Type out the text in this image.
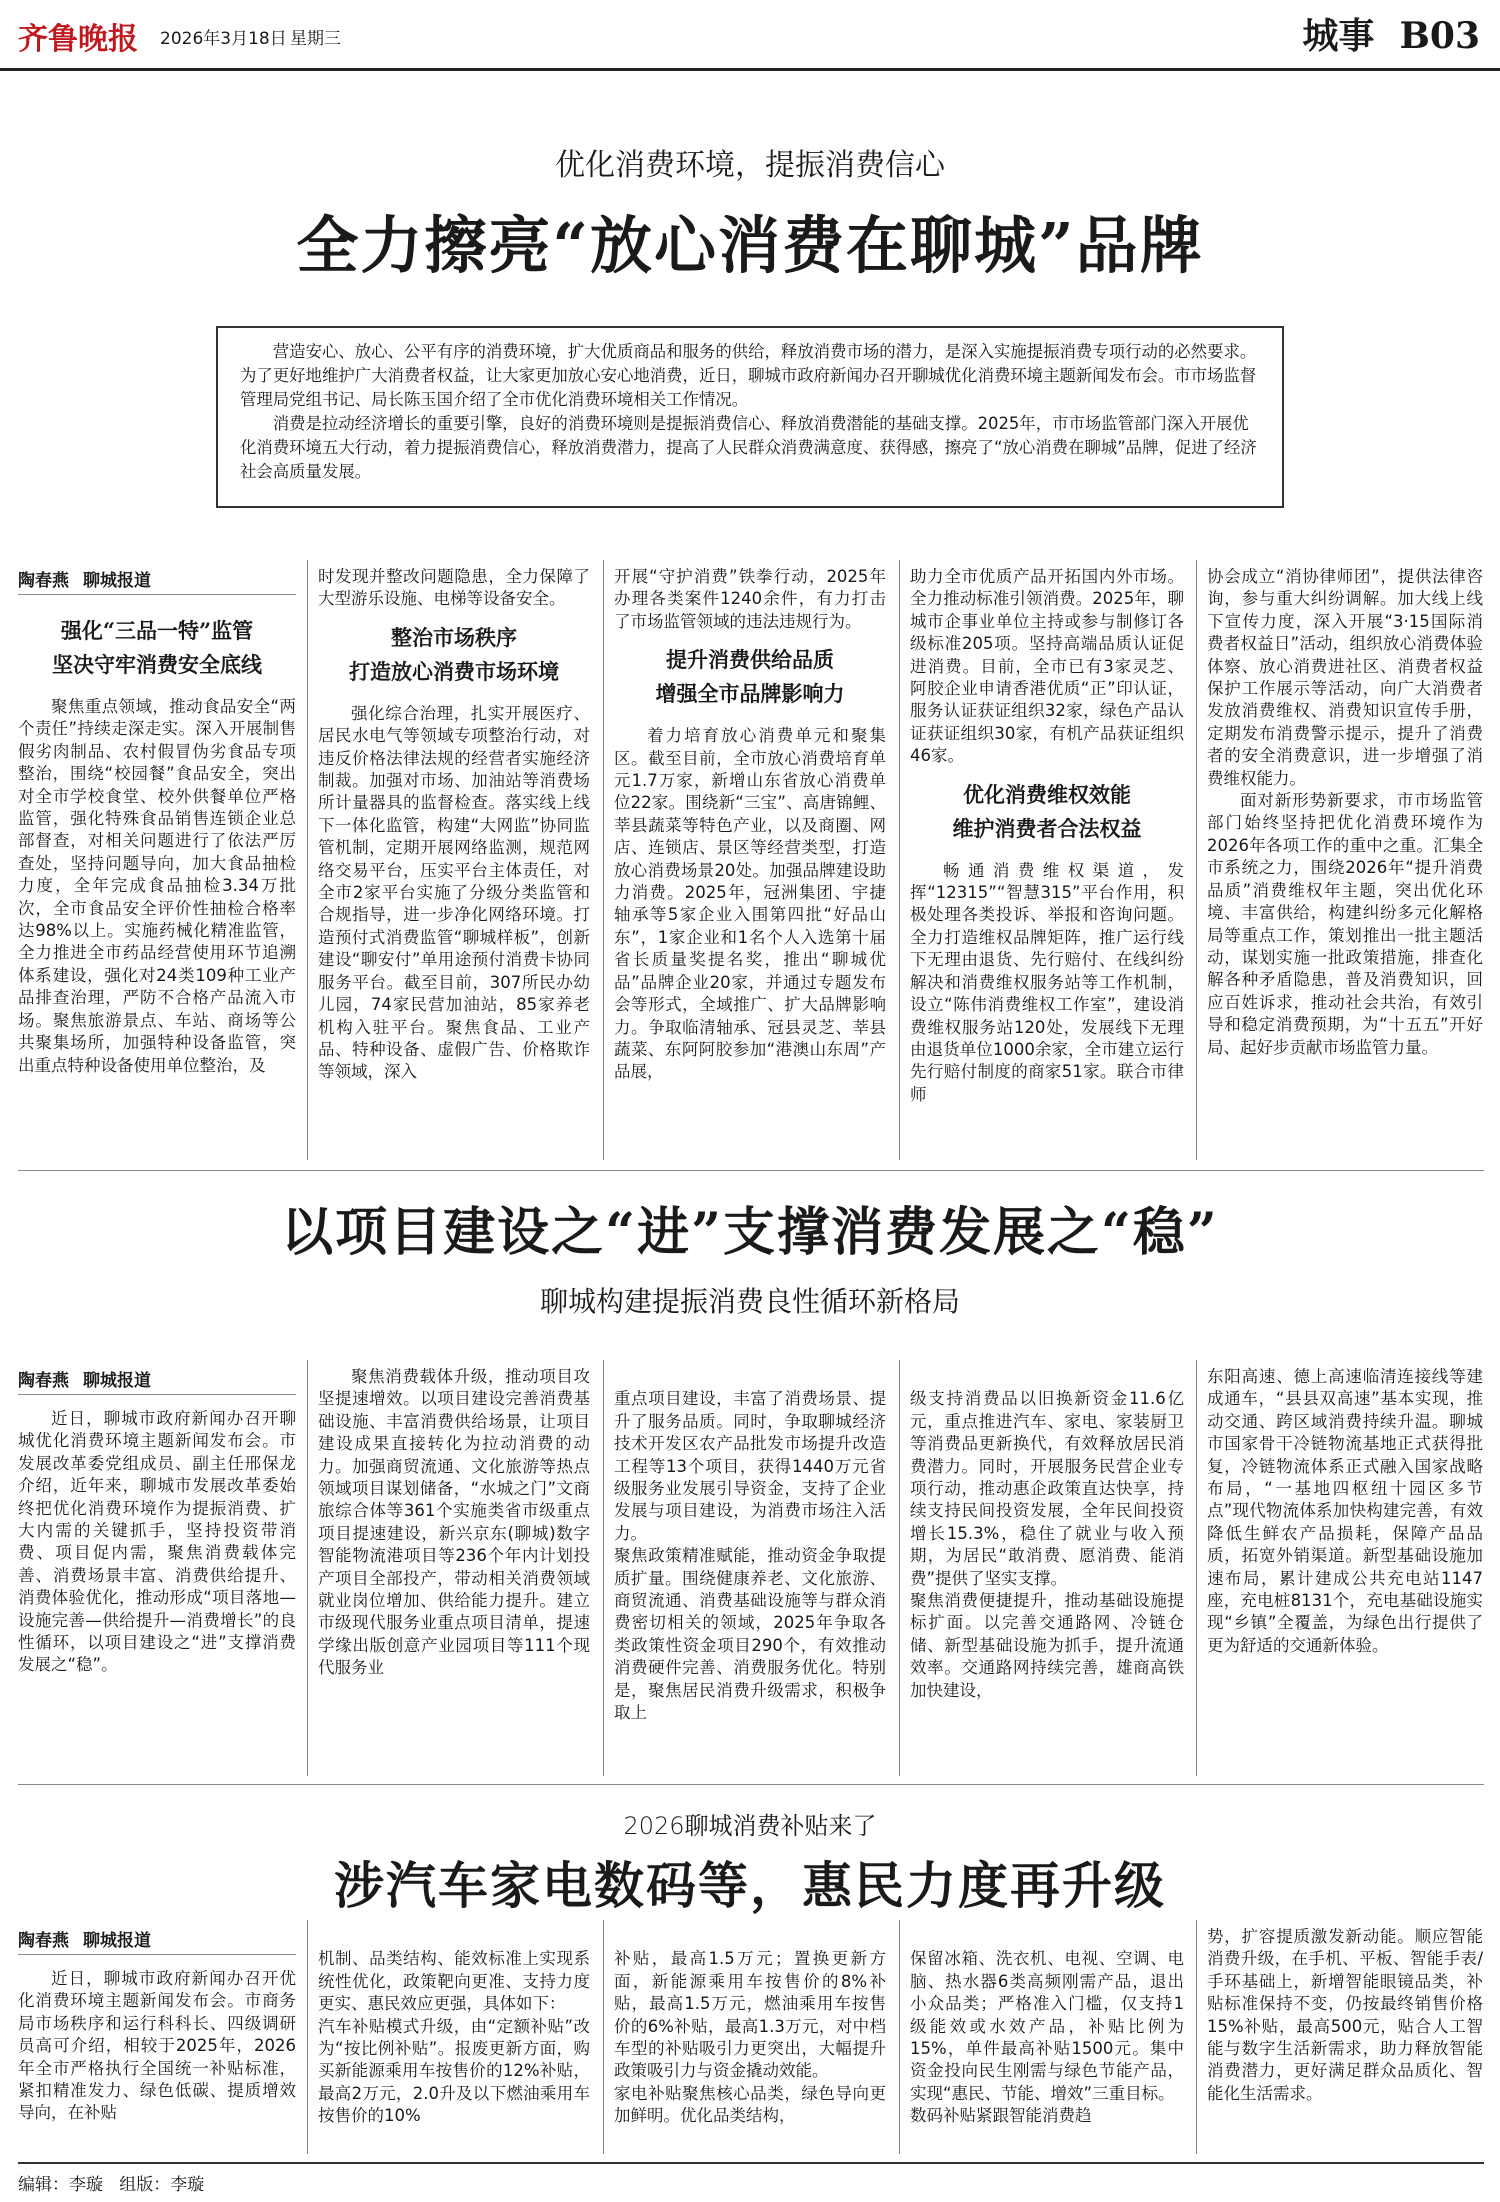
齐鲁晚报 2026年3月18日 星期三	城事 B03
优化消费环境，提振消费信心
全力擦亮“放心消费在聊城”品牌

营造安心、放心、公平有序的消费环境，扩大优质商品和服务的供给，释放消费市场的潜力，是深入实施提振消费专项行动的必然要求。为了更好地维护广大消费者权益，让大家更加放心安心地消费，近日，聊城市政府新闻办召开聊城优化消费环境主题新闻发布会。市市场监督管理局党组书记、局长陈玉国介绍了全市优化消费环境相关工作情况。

消费是拉动经济增长的重要引擎，良好的消费环境则是提振消费信心、释放消费潜能的基础支撑。2025年，市市场监管部门深入开展优化消费环境五大行动，着力提振消费信心，释放消费潜力，提高了人民群众消费满意度、获得感，擦亮了“放心消费在聊城”品牌，促进了经济社会高质量发展。

陶春燕 聊城报道
强化“三品一特”监管
坚决守牢消费安全底线

聚焦重点领域，推动食品安全“两个责任”持续走深走实。深入开展制售假劣肉制品、农村假冒伪劣食品专项整治，围绕“校园餐”食品安全，突出对全市学校食堂、校外供餐单位严格监管，强化特殊食品销售连锁企业总部督查，对相关问题进行了依法严厉查处，坚持问题导向，加大食品抽检力度，全年完成食品抽检3.34万批次，全市食品安全评价性抽检合格率达98%以上。实施药械化精准监管，全力推进全市药品经营使用环节追溯体系建设，强化对24类109种工业产品排查治理，严防不合格产品流入市场。聚焦旅游景点、车站、商场等公共聚集场所，加强特种设备监管，突出重点特种设备使用单位整治，及

时发现并整改问题隐患，全力保障了大型游乐设施、电梯等设备安全。

整治市场秩序
打造放心消费市场环境

强化综合治理，扎实开展医疗、居民水电气等领域专项整治行动，对违反价格法律法规的经营者实施经济制裁。加强对市场、加油站等消费场所计量器具的监督检查。落实线上线下一体化监管，构建“大网监”协同监管机制，定期开展网络监测，规范网络交易平台，压实平台主体责任，对全市2家平台实施了分级分类监管和合规指导，进一步净化网络环境。打造预付式消费监管“聊城样板”，创新建设“聊安付”单用途预付消费卡协同服务平台。截至目前，307所民办幼儿园，74家民营加油站，85家养老机构入驻平台。聚焦食品、工业产品、特种设备、虚假广告、价格欺诈等领域，深入

开展“守护消费”铁拳行动，2025年办理各类案件1240余件，有力打击了市场监管领域的违法违规行为。

提升消费供给品质
增强全市品牌影响力

着力培育放心消费单元和聚集区。截至目前，全市放心消费培育单元1.7万家，新增山东省放心消费单位22家。围绕新“三宝”、高唐锦鲤、莘县蔬菜等特色产业，以及商圈、网店、连锁店、景区等经营类型，打造放心消费场景20处。加强品牌建设助力消费。2025年，冠洲集团、宇捷轴承等5家企业入围第四批“好品山东”，1家企业和1名个人入选第十届省长质量奖提名奖，推出“聊城优品”品牌企业20家，并通过专题发布会等形式，全域推广、扩大品牌影响力。争取临清轴承、冠县灵芝、莘县蔬菜、东阿阿胶参加“港澳山东周”产品展，

助力全市优质产品开拓国内外市场。全力推动标准引领消费。2025年，聊城市企事业单位主持或参与制修订各级标准205项。坚持高端品质认证促进消费。目前，全市已有3家灵芝、阿胶企业申请香港优质“正”印认证，服务认证获证组织32家，绿色产品认证获证组织30家，有机产品获证组织46家。

优化消费维权效能
维护消费者合法权益

畅通消费维权渠道，发挥“12315”“智慧315”平台作用，积极处理各类投诉、举报和咨询问题。全力打造维权品牌矩阵，推广运行线下无理由退货、先行赔付、在线纠纷解决和消费维权服务站等工作机制，设立“陈伟消费维权工作室”，建设消费维权服务站120处，发展线下无理由退货单位1000余家，全市建立运行先行赔付制度的商家51家。联合市律师

协会成立“消协律师团”，提供法律咨询，参与重大纠纷调解。加大线上线下宣传力度，深入开展“3·15国际消费者权益日”活动，组织放心消费体验体察、放心消费进社区、消费者权益保护工作展示等活动，向广大消费者发放消费维权、消费知识宣传手册，定期发布消费警示提示，提升了消费者的安全消费意识，进一步增强了消费维权能力。

面对新形势新要求，市市场监管部门始终坚持把优化消费环境作为2026年各项工作的重中之重。汇集全市系统之力，围绕2026年“提升消费品质”消费维权年主题，突出优化环境、丰富供给，构建纠纷多元化解格局等重点工作，策划推出一批主题活动，谋划实施一批政策措施，排查化解各种矛盾隐患，普及消费知识，回应百姓诉求，推动社会共治，有效引导和稳定消费预期，为“十五五”开好局、起好步贡献市场监管力量。

以项目建设之“进”支撑消费发展之“稳”
聊城构建提振消费良性循环新格局
陶春燕 聊城报道

近日，聊城市政府新闻办召开聊城优化消费环境主题新闻发布会。市发展改革委党组成员、副主任邢保龙介绍，近年来，聊城市发展改革委始终把优化消费环境作为提振消费、扩大内需的关键抓手，坚持投资带消费、项目促内需，聚焦消费载体完善、消费场景丰富、消费供给提升、消费体验优化，推动形成“项目落地—设施完善—供给提升—消费增长”的良性循环，以项目建设之“进”支撑消费发展之“稳”。

聚焦消费载体升级，推动项目攻坚提速增效。以项目建设完善消费基础设施、丰富消费供给场景，让项目建设成果直接转化为拉动消费的动力。加强商贸流通、文化旅游等热点领域项目谋划储备，“水城之门”文商旅综合体等361个实施类省市级重点项目提速建设，新兴京东(聊城)数字智能物流港项目等236个年内计划投产项目全部投产，带动相关消费领域就业岗位增加、供给能力提升。建立市级现代服务业重点项目清单，提速学缘出版创意产业园项目等111个现代服务业

重点项目建设，丰富了消费场景、提升了服务品质。同时，争取聊城经济技术开发区农产品批发市场提升改造工程等13个项目，获得1440万元省级服务业发展引导资金，支持了企业发展与项目建设，为消费市场注入活力。
聚焦政策精准赋能，推动资金争取提质扩量。围绕健康养老、文化旅游、商贸流通、消费基础设施等与群众消费密切相关的领域，2025年争取各类政策性资金项目290个，有效推动消费硬件完善、消费服务优化。特别是，聚焦居民消费升级需求，积极争取上

级支持消费品以旧换新资金11.6亿元，重点推进汽车、家电、家装厨卫等消费品更新换代，有效释放居民消费潜力。同时，开展服务民营企业专项行动，推动惠企政策直达快享，持续支持民间投资发展，全年民间投资增长15.3%，稳住了就业与收入预期，为居民“敢消费、愿消费、能消费”提供了坚实支撑。
聚焦消费便捷提升，推动基础设施提标扩面。以完善交通路网、冷链仓储、新型基础设施为抓手，提升流通效率。交通路网持续完善，雄商高铁加快建设，

东阳高速、德上高速临清连接线等建成通车，“县县双高速”基本实现，推动交通、跨区域消费持续升温。聊城市国家骨干冷链物流基地正式获得批复，冷链物流体系正式融入国家战略布局，“一基地四枢纽十园区多节点”现代物流体系加快构建完善，有效降低生鲜农产品损耗，保障产品品质，拓宽外销渠道。新型基础设施加速布局，累计建成公共充电站1147座，充电桩8131个，充电基础设施实现“乡镇”全覆盖，为绿色出行提供了更为舒适的交通新体验。

2026聊城消费补贴来了
涉汽车家电数码等，惠民力度再升级
陶春燕 聊城报道

近日，聊城市政府新闻办召开优化消费环境主题新闻发布会。市商务局市场秩序和运行科科长、四级调研员高可介绍，相较于2025年，2026年全市严格执行全国统一补贴标准，紧扣精准发力、绿色低碳、提质增效导向，在补贴

机制、品类结构、能效标准上实现系统性优化，政策靶向更准、支持力度更实、惠民效应更强，具体如下：
汽车补贴模式升级，由“定额补贴”改为“按比例补贴”。报废更新方面，购买新能源乘用车按售价的12%补贴，最高2万元，2.0升及以下燃油乘用车按售价的10%

补贴，最高1.5万元；置换更新方面，新能源乘用车按售价的8%补贴，最高1.5万元，燃油乘用车按售价的6%补贴，最高1.3万元，对中档车型的补贴吸引力更突出，大幅提升政策吸引力与资金撬动效能。
家电补贴聚焦核心品类，绿色导向更加鲜明。优化品类结构，

保留冰箱、洗衣机、电视、空调、电脑、热水器6类高频刚需产品，退出小众品类；严格准入门槛，仅支持1级能效或水效产品，补贴比例为15%，单件最高补贴1500元。集中资金投向民生刚需与绿色节能产品，实现“惠民、节能、增效”三重目标。
数码补贴紧跟智能消费趋

势，扩容提质激发新动能。顺应智能消费升级，在手机、平板、智能手表/手环基础上，新增智能眼镜品类，补贴标准保持不变，仍按最终销售价格15%补贴，最高500元，贴合人工智能与数字生活新需求，助力释放智能消费潜力，更好满足群众品质化、智能化生活需求。

编辑：李璇 组版：李璇
